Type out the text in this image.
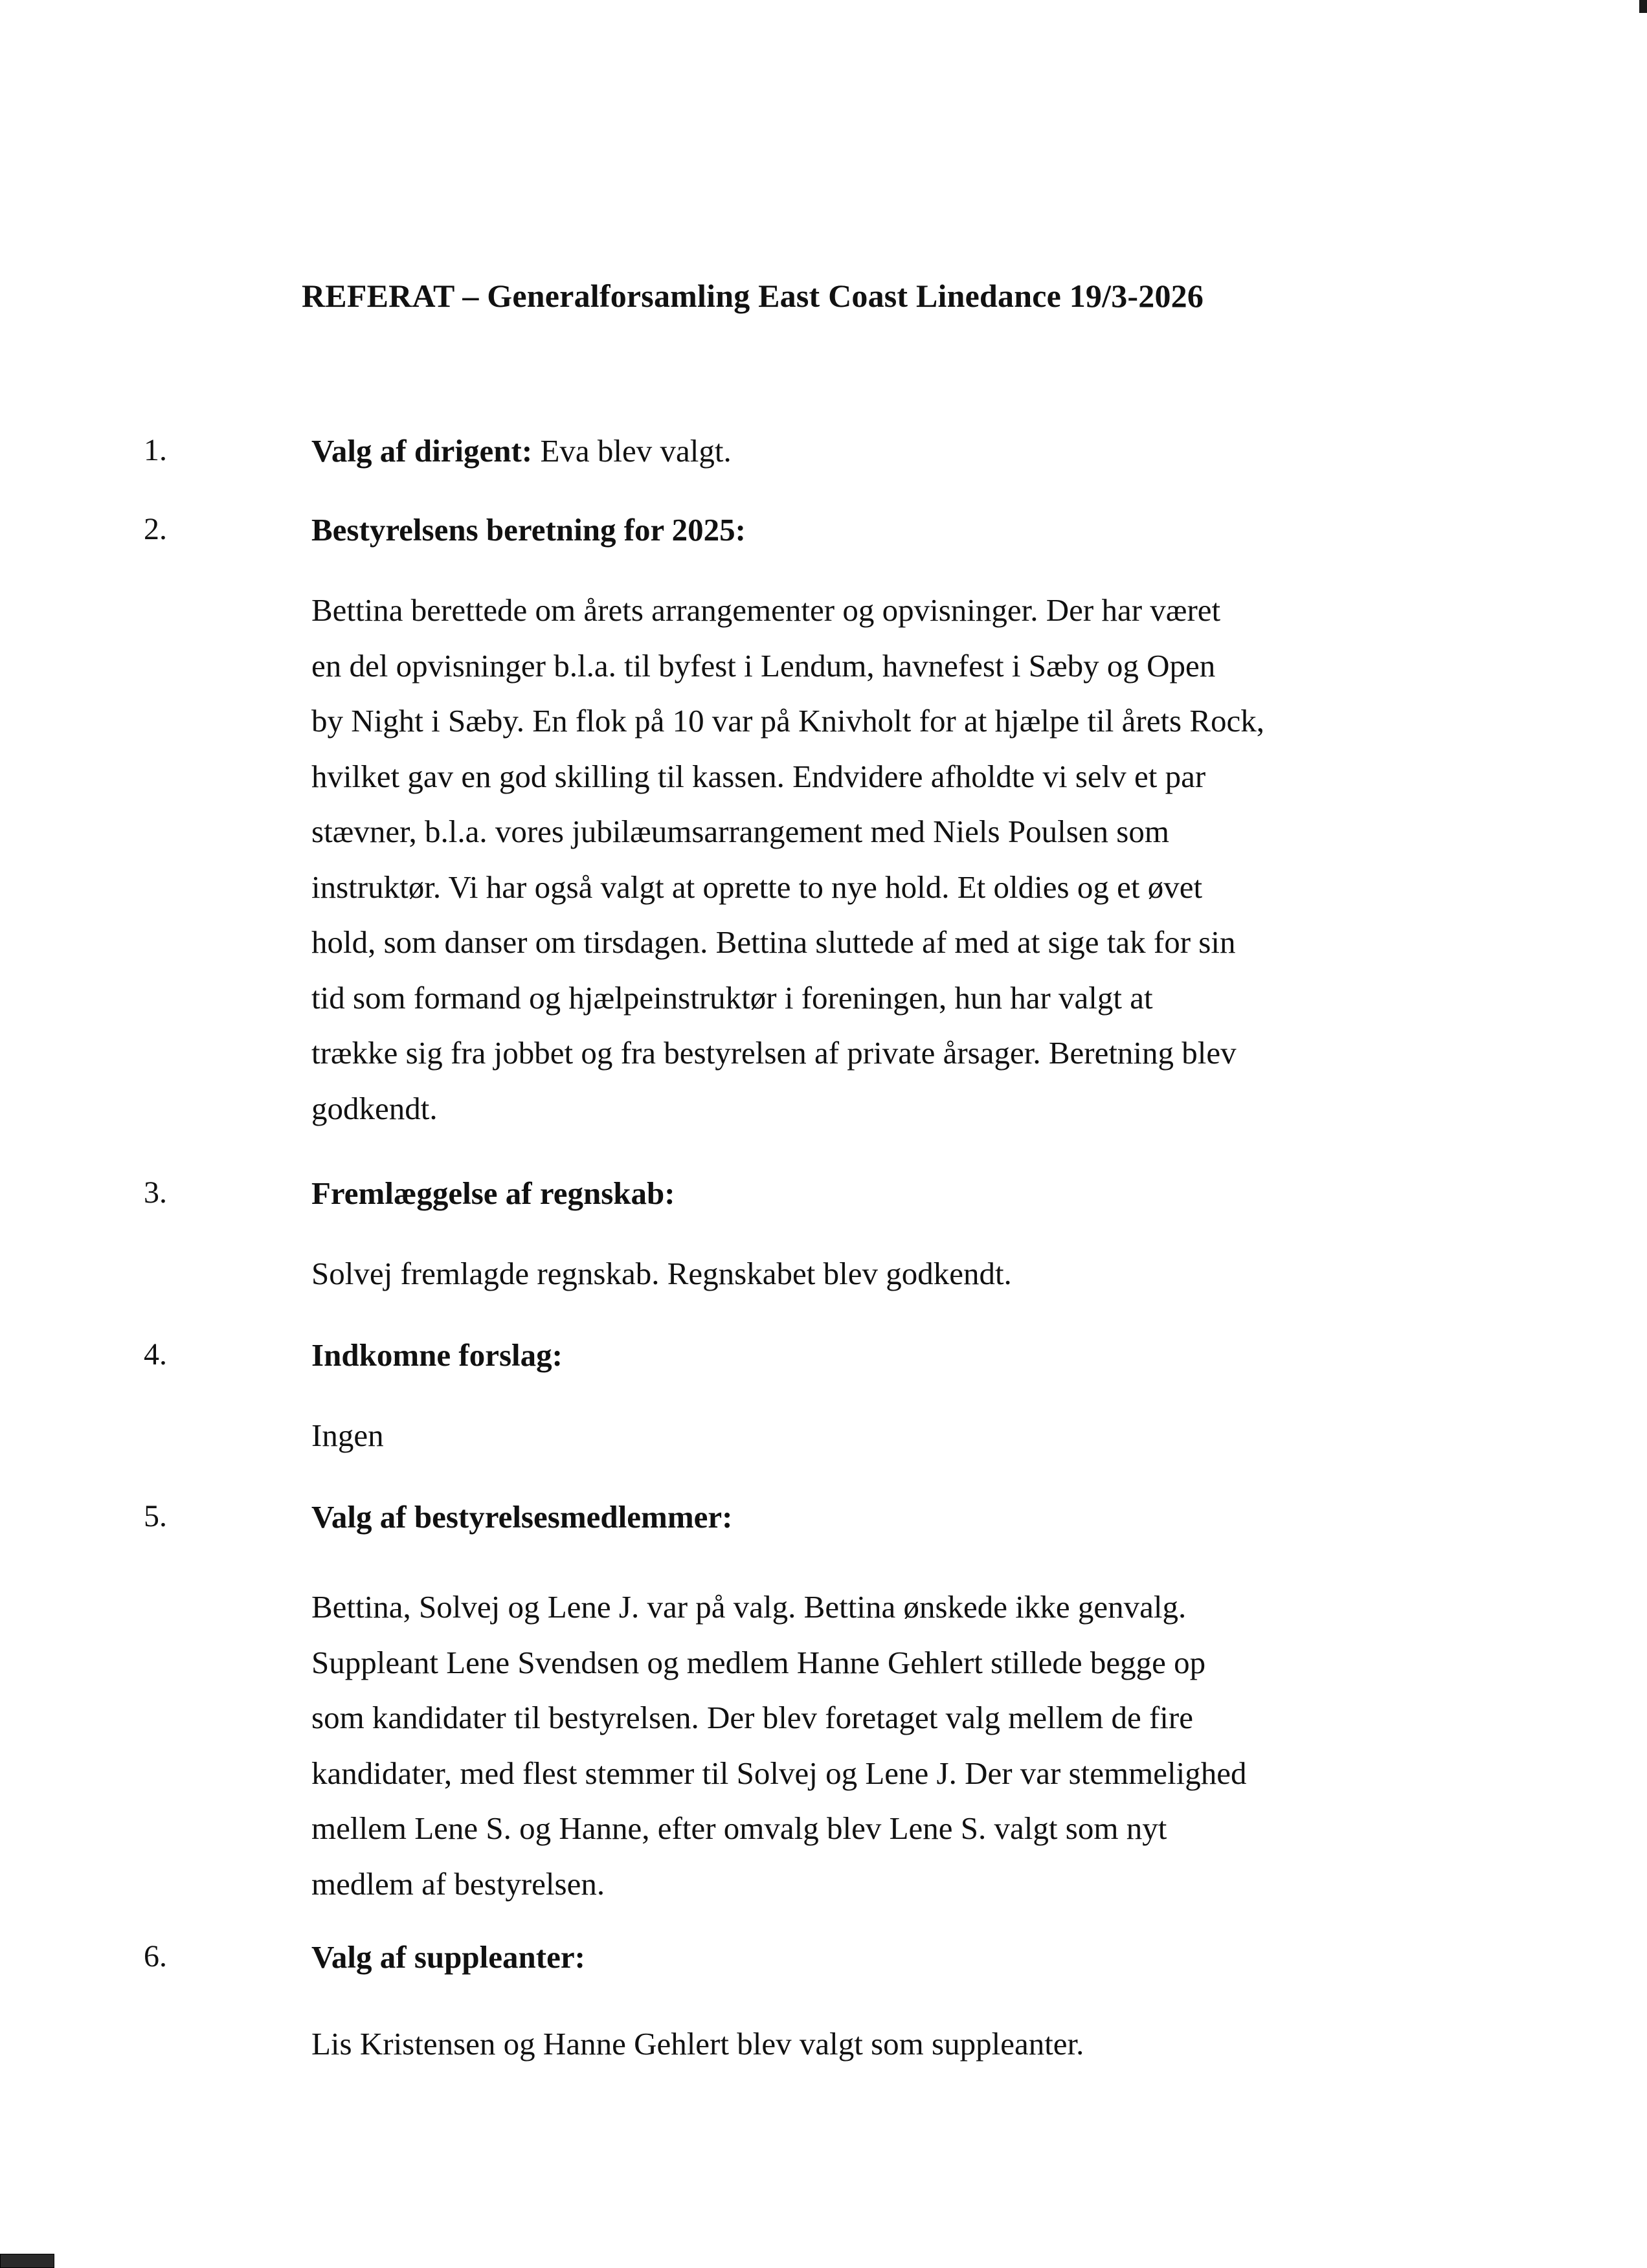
REFERAT – Generalforsamling East Coast Linedance 19/3-2026
1.	Valg af dirigent: Eva blev valgt.
2.	Bestyrelsens beretning for 2025:
Bettina berettede om årets arrangementer og opvisninger. Der har været
en del opvisninger b.l.a. til byfest i Lendum, havnefest i Sæby og Open
by Night i Sæby. En flok på 10 var på Knivholt for at hjælpe til årets Rock,
hvilket gav en god skilling til kassen. Endvidere afholdte vi selv et par
stævner, b.l.a. vores jubilæumsarrangement med Niels Poulsen som
instruktør. Vi har også valgt at oprette to nye hold. Et oldies og et øvet
hold, som danser om tirsdagen. Bettina sluttede af med at sige tak for sin
tid som formand og hjælpeinstruktør i foreningen, hun har valgt at
trække sig fra jobbet og fra bestyrelsen af private årsager. Beretning blev
godkendt.
3.	Fremlæggelse af regnskab:
Solvej fremlagde regnskab. Regnskabet blev godkendt.
4.	Indkomne forslag:
Ingen
5.	Valg af bestyrelsesmedlemmer:
Bettina, Solvej og Lene J. var på valg. Bettina ønskede ikke genvalg.
Suppleant Lene Svendsen og medlem Hanne Gehlert stillede begge op
som kandidater til bestyrelsen. Der blev foretaget valg mellem de fire
kandidater, med flest stemmer til Solvej og Lene J. Der var stemmelighed
mellem Lene S. og Hanne, efter omvalg blev Lene S. valgt som nyt
medlem af bestyrelsen.
6.	Valg af suppleanter:
Lis Kristensen og Hanne Gehlert blev valgt som suppleanter.
